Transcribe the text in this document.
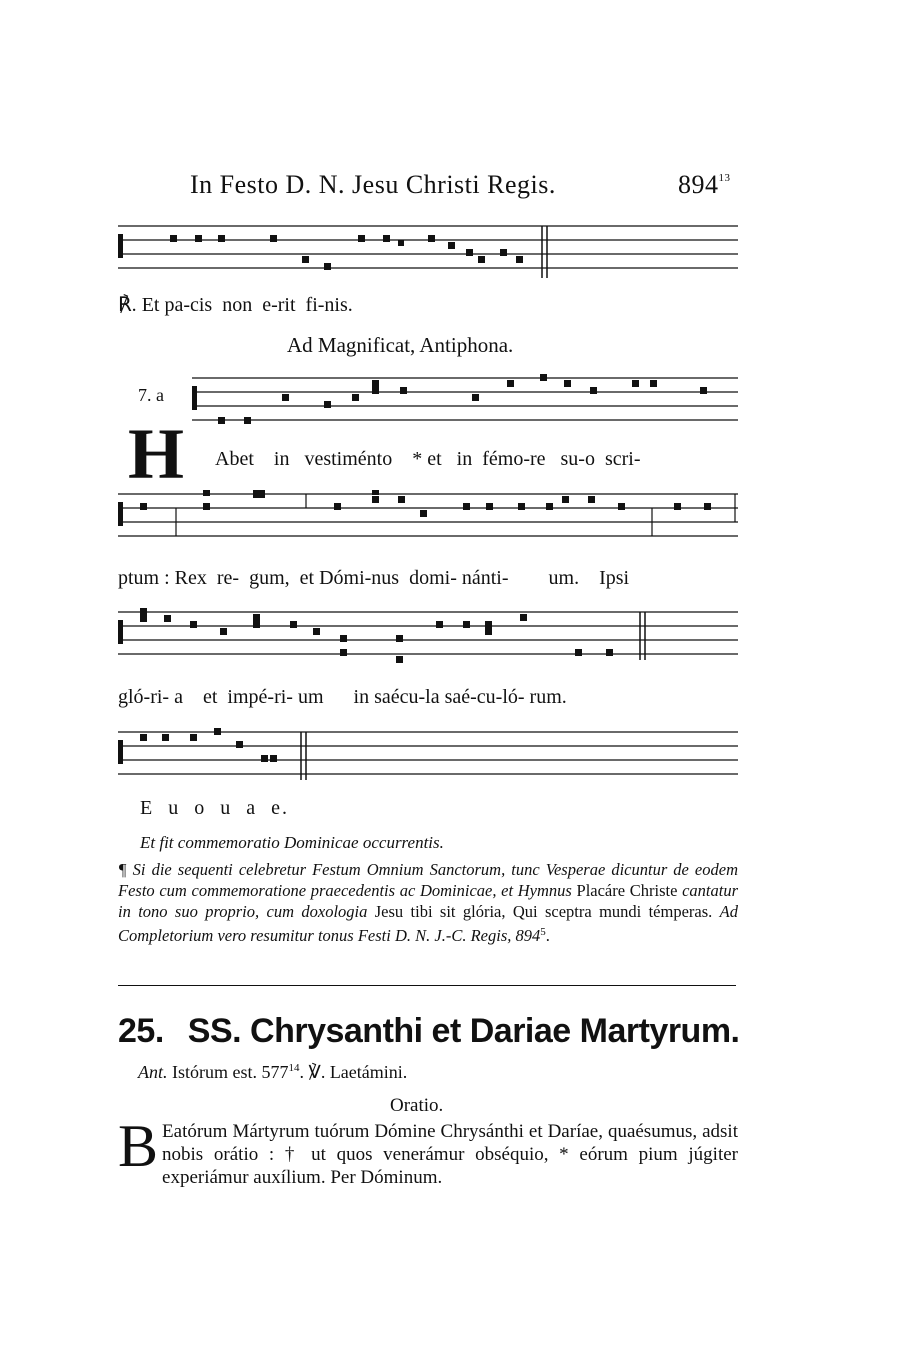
In Festo D. N. Jesu Christi Regis.	$894^{13}$
℟. Et pa-cis non e-rit fi-nis.
Ad Magnificat, Antiphona.
7. a
H Abet in vestiménto * et in fémo-re su-o scri-
ptum : Rex re- gum, et Dómi-nus domi- nánti- um. Ipsi
gló-ri- a et impé-ri- um in saécu-la saé-cu-ló- rum.
E u o u a e.
Et fit commemoratio Dominicae occurrentis.
¶ Si die sequenti celebretur Festum Omnium Sanctorum, tunc Vesperae dicuntur de eodem Festo cum commemoratione praecedentis ac Dominicae, et Hymnus Placáre Christe cantatur in tono suo proprio, cum doxologia Jesu tibi sit glória, Qui sceptra mundi témperas. Ad Completorium vero resumitur tonus Festi D. N. J.-C. Regis, $894^5$.
25. SS. Chrysanthi et Dariae Martyrum.
Ant. Istórum est. $577^{14}$. ℣. Laetámini.
Oratio.
B Eatórum Mártyrum tuórum Dómine Chrysánthi et Daríae, quaésumus, adsit nobis orátio : † ut quos venerámur obséquio, * eórum pium júgiter experiámur auxílium. Per Dóminum.
